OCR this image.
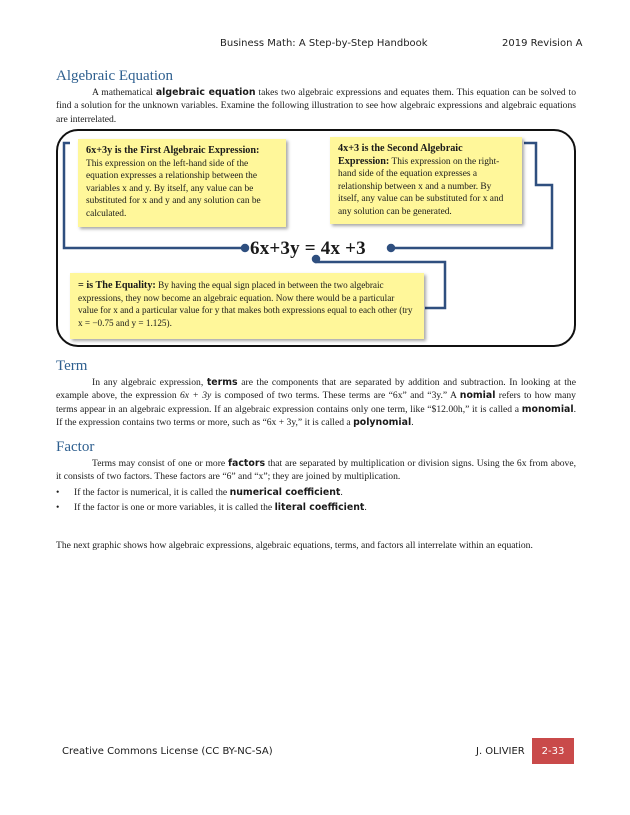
Business Math: A Step-by-Step Handbook	2019 Revision A
Algebraic Equation

A mathematical algebraic equation takes two algebraic expressions and equates them. This equation can be solved to find a solution for the unknown variables. Examine the following illustration to see how algebraic expressions and algebraic equations are interrelated.

6x+3y is the First Algebraic Expression: This expression on the left-hand side of the equation expresses a relationship between the variables x and y. By itself, any value can be substituted for x and y and any solution can be calculated.
4x+3 is the Second Algebraic Expression: This expression on the right-hand side of the equation expresses a relationship between x and a number. By itself, any value can be substituted for x and any solution can be generated.
6x+3y = 4x +3
= is The Equality: By having the equal sign placed in between the two algebraic expressions, they now become an algebraic equation. Now there would be a particular value for x and a particular value for y that makes both expressions equal to each other (try x = −0.75 and y = 1.125).
Term

In any algebraic expression, terms are the components that are separated by addition and subtraction. In looking at the example above, the expression 6x + 3y is composed of two terms. These terms are “6x” and “3y.” A nomial refers to how many terms appear in an algebraic expression. If an algebraic expression contains only one term, like “$12.00h,” it is called a monomial. If the expression contains two terms or more, such as “6x + 3y,” it is called a polynomial.

Factor

Terms may consist of one or more factors that are separated by multiplication or division signs. Using the 6x from above, it consists of two factors. These factors are “6” and “x”; they are joined by multiplication.

• If the factor is numerical, it is called the numerical coefficient.
• If the factor is one or more variables, it is called the literal coefficient.
The next graphic shows how algebraic expressions, algebraic equations, terms, and factors all interrelate within an equation.
Creative Commons License (CC BY-NC-SA)	J. OLIVIER	2-33
